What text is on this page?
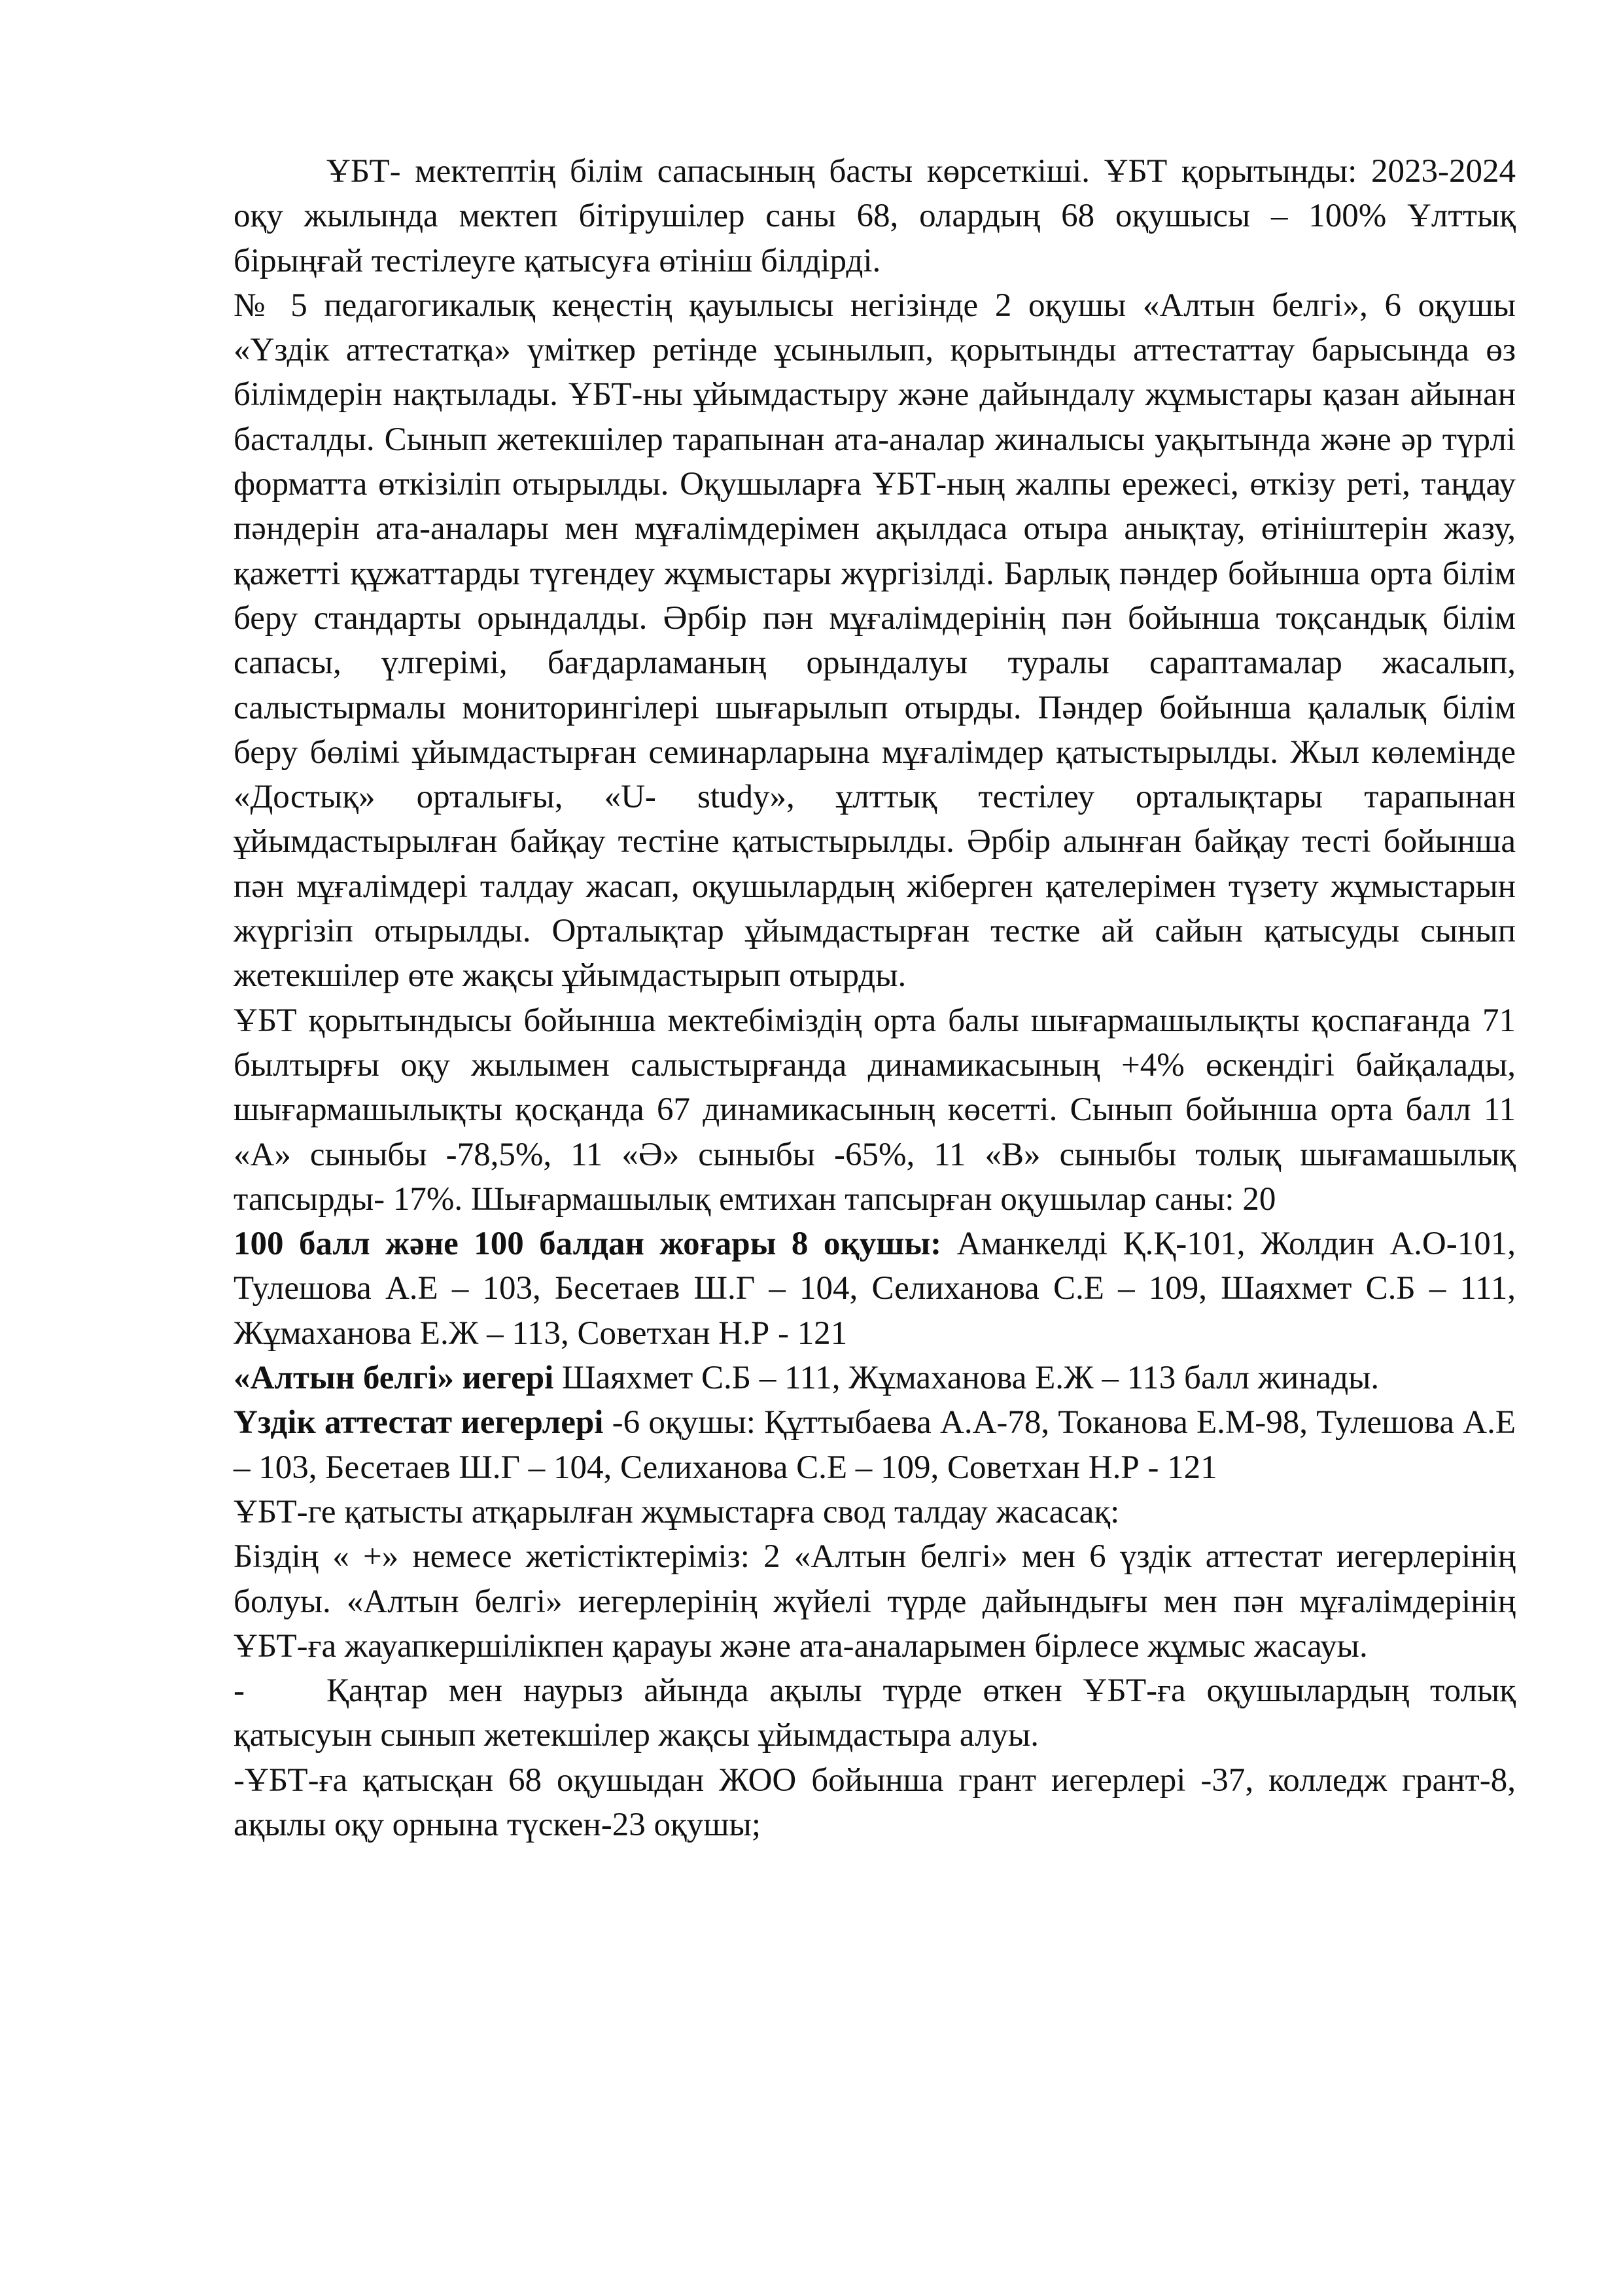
ҰБТ- мектептің білім сапасының басты көрсеткіші. ҰБТ қорытынды: 2023-2024 оқу жылында мектеп бітірушілер саны 68, олардың 68 оқушысы – 100% Ұлттық бірыңғай тестілеуге қатысуға өтініш білдірді.

№ 5 педагогикалық кеңестің қауылысы негізінде 2 оқушы «Алтын белгі», 6 оқушы «Үздік аттестатқа» үміткер ретінде ұсынылып, қорытынды аттестаттау барысында өз білімдерін нақтылады. ҰБТ-ны ұйымдастыру және дайындалу жұмыстары қазан айынан басталды. Сынып жетекшілер тарапынан ата-аналар жиналысы уақытында және әр түрлі форматта өткізіліп отырылды. Оқушыларға ҰБТ-ның жалпы ережесі, өткізу реті, таңдау пәндерін ата-аналары мен мұғалімдерімен ақылдаса отыра анықтау, өтініштерін жазу, қажетті құжаттарды түгендеу жұмыстары жүргізілді. Барлық пәндер бойынша орта білім беру стандарты орындалды. Әрбір пән мұғалімдерінің пән бойынша тоқсандық білім сапасы, үлгерімі, бағдарламаның орындалуы туралы сараптамалар жасалып, салыстырмалы мониторингілері шығарылып отырды. Пәндер бойынша қалалық білім беру бөлімі ұйымдастырған семинарларына мұғалімдер қатыстырылды. Жыл көлемінде «Достық» орталығы, «U- study», ұлттық тестілеу орталықтары тарапынан ұйымдастырылған байқау тестіне қатыстырылды. Әрбір алынған байқау тесті бойынша пән мұғалімдері талдау жасап, оқушылардың жіберген қателерімен түзету жұмыстарын жүргізіп отырылды. Орталықтар ұйымдастырған тестке ай сайын қатысуды сынып жетекшілер өте жақсы ұйымдастырып отырды.

ҰБТ қорытындысы бойынша мектебіміздің орта балы шығармашылықты қоспағанда 71 былтырғы оқу жылымен салыстырғанда динамикасының +4% өскендігі байқалады, шығармашылықты қосқанда 67 динамикасының көсетті. Сынып бойынша орта балл 11 «А» сыныбы -78,5%, 11 «Ә» сыныбы -65%, 11 «В» сыныбы толық шығамашылық тапсырды- 17%. Шығармашылық емтихан тапсырған оқушылар саны: 20

100 балл және 100 балдан жоғары 8 оқушы: Аманкелді Қ.Қ-101, Жолдин А.О-101, Тулешова А.Е – 103, Бесетаев Ш.Г – 104, Селиханова С.Е – 109, Шаяхмет С.Б – 111, Жұмаханова Е.Ж – 113, Советхан Н.Р - 121

«Алтын белгі» иегері Шаяхмет С.Б – 111, Жұмаханова Е.Ж – 113 балл жинады.

Үздік аттестат иегерлері -6 оқушы: Құттыбаева А.А-78, Токанова Е.М-98, Тулешова А.Е – 103, Бесетаев Ш.Г – 104, Селиханова С.Е – 109, Советхан Н.Р - 121

ҰБТ-ге қатысты атқарылған жұмыстарға свод талдау жасасақ:

Біздің « +» немесе жетістіктеріміз: 2 «Алтын белгі» мен 6 үздік аттестат иегерлерінің болуы. «Алтын белгі» иегерлерінің жүйелі түрде дайындығы мен пән мұғалімдерінің ҰБТ-ға жауапкершілікпен қарауы және ата-аналарымен бірлесе жұмыс жасауы.

- Қаңтар мен наурыз айында ақылы түрде өткен ҰБТ-ға оқушылардың толық қатысуын сынып жетекшілер жақсы ұйымдастыра алуы.

-ҰБТ-ға қатысқан 68 оқушыдан ЖОО бойынша грант иегерлері -37, колледж грант-8, ақылы оқу орнына түскен-23 оқушы;
